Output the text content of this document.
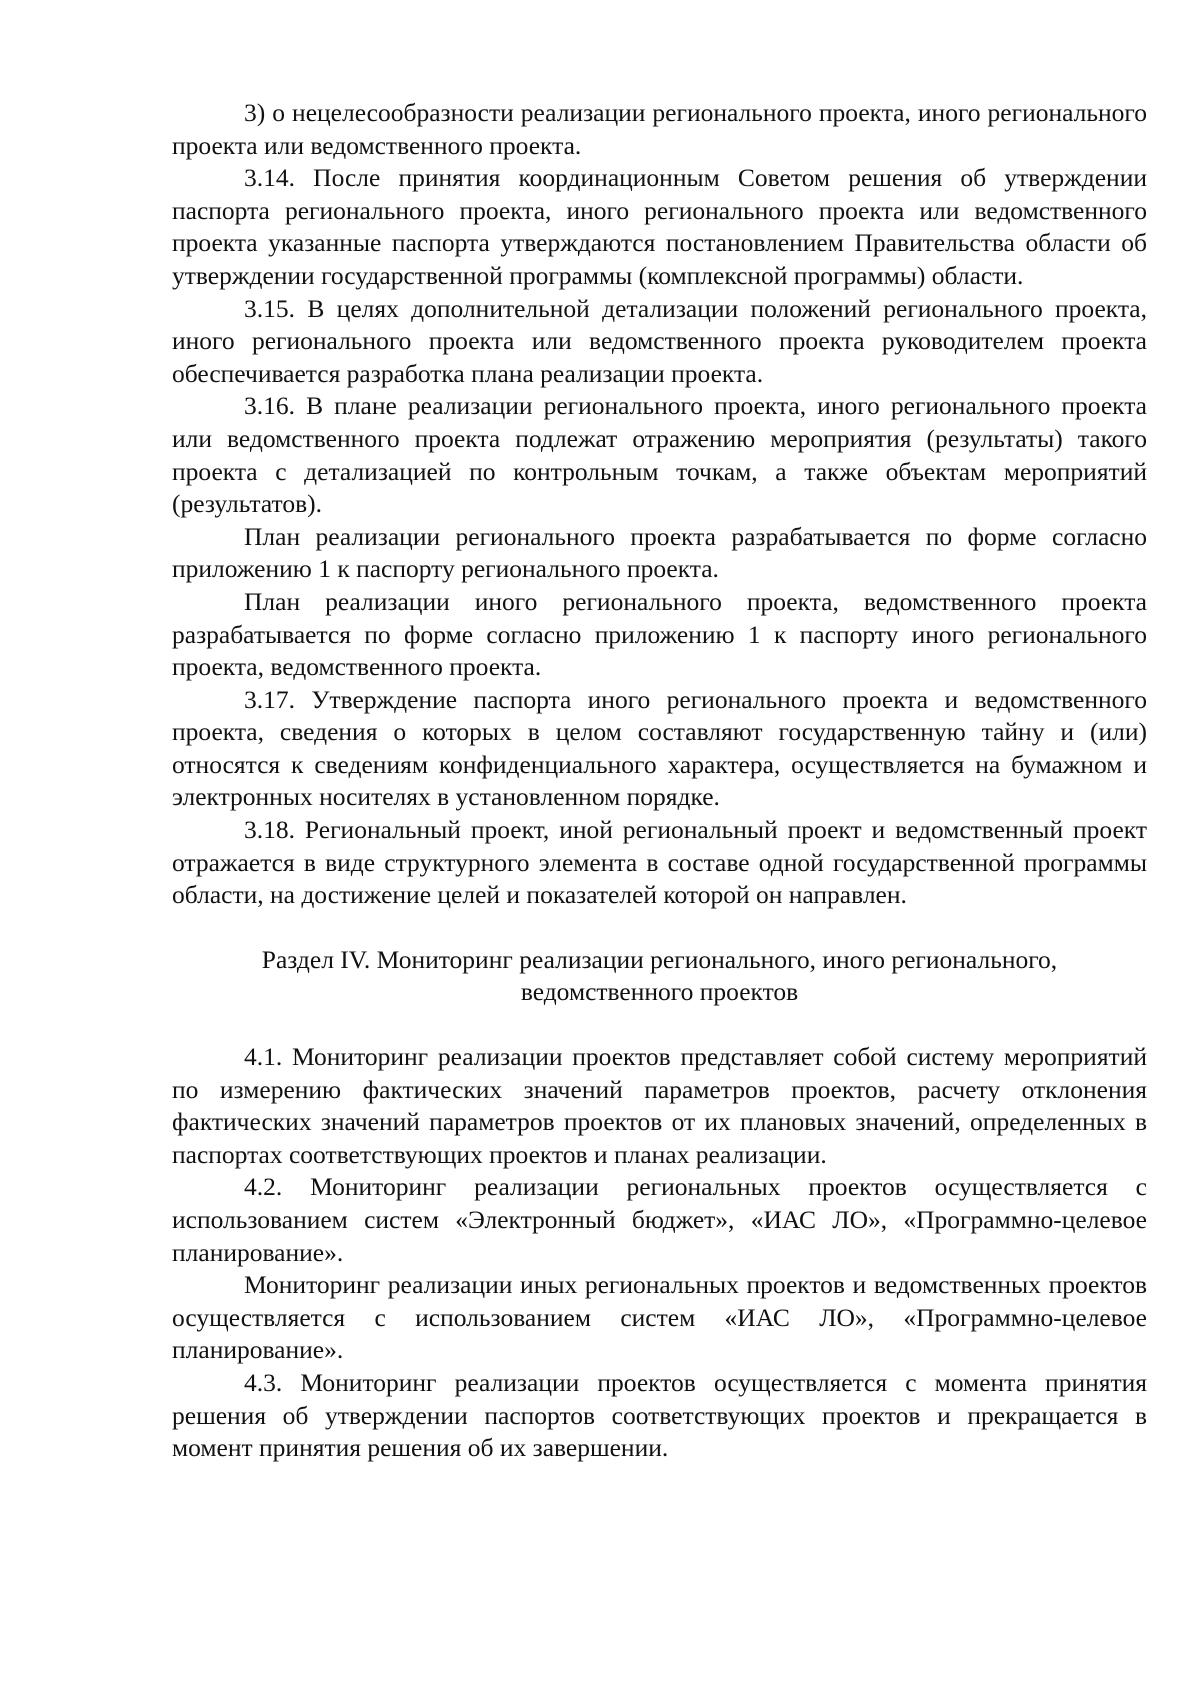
3) о нецелесообразности реализации регионального проекта, иного регионального проекта или ведомственного проекта.

3.14. После принятия координационным Советом решения об утверждении паспорта регионального проекта, иного регионального проекта или ведомственного проекта указанные паспорта утверждаются постановлением Правительства области об утверждении государственной программы (комплексной программы) области.

3.15. В целях дополнительной детализации положений регионального проекта, иного регионального проекта или ведомственного проекта руководителем проекта обеспечивается разработка плана реализации проекта.

3.16. В плане реализации регионального проекта, иного регионального проекта или ведомственного проекта подлежат отражению мероприятия (результаты) такого проекта с детализацией по контрольным точкам, а также объектам мероприятий (результатов).

План реализации регионального проекта разрабатывается по форме согласно приложению 1 к паспорту регионального проекта.

План реализации иного регионального проекта, ведомственного проекта разрабатывается по форме согласно приложению 1 к паспорту иного регионального проекта, ведомственного проекта.

3.17. Утверждение паспорта иного регионального проекта и ведомственного проекта, сведения о которых в целом составляют государственную тайну и (или) относятся к сведениям конфиденциального характера, осуществляется на бумажном и электронных носителях в установленном порядке.

3.18. Региональный проект, иной региональный проект и ведомственный проект отражается в виде структурного элемента в составе одной государственной программы области, на достижение целей и показателей которой он направлен.

Раздел IV. Мониторинг реализации регионального, иного регионального,

ведомственного проектов

4.1. Мониторинг реализации проектов представляет собой систему мероприятий по измерению фактических значений параметров проектов, расчету отклонения фактических значений параметров проектов от их плановых значений, определенных в паспортах соответствующих проектов и планах реализации.

4.2. Мониторинг реализации региональных проектов осуществляется с использованием систем «Электронный бюджет», «ИАС ЛО», «Программно-целевое планирование».

Мониторинг реализации иных региональных проектов и ведомственных проектов осуществляется с использованием систем «ИАС ЛО», «Программно-целевое планирование».

4.3. Мониторинг реализации проектов осуществляется с момента принятия решения об утверждении паспортов соответствующих проектов и прекращается в момент принятия решения об их завершении.
